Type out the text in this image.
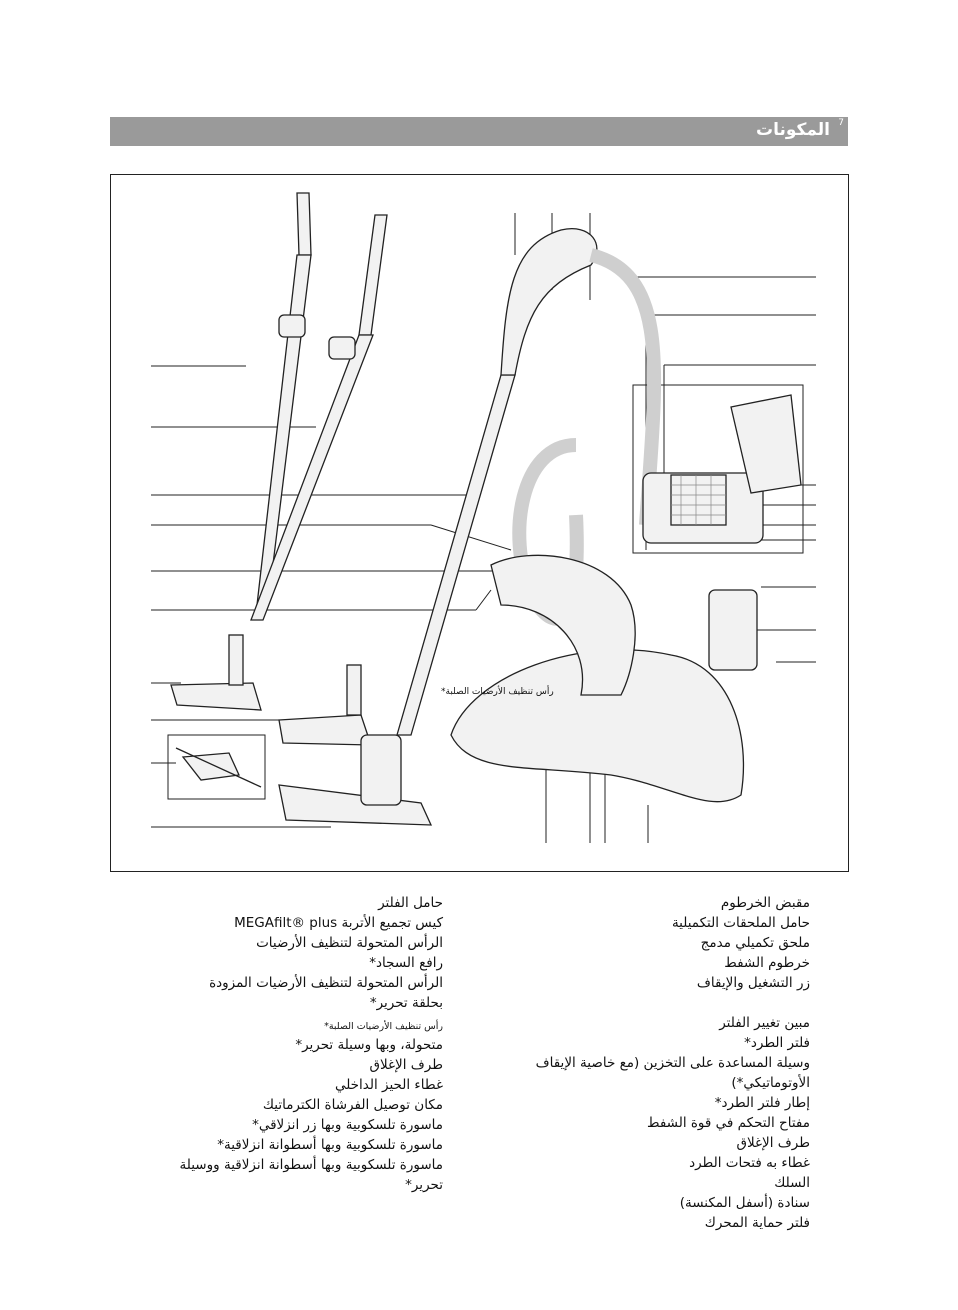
7
المكونات
رأس تنظيف الأرضيات الصلبة*
حامل الفلتر
كيس تجميع الأتربة MEGAfilt® plus
الرأس المتحولة لتنظيف الأرضيات
رافع السجاد*
الرأس المتحولة لتنظيف الأرضيات المزودة
بحلقة تحرير*
رأس تنظيف الأرضيات الصلبة*
متحولة، وبها وسيلة تحرير*
طرف الإغلاق
غطاء الحيز الداخلي
مكان توصيل الفرشاة الكترماتيك
ماسورة تلسكوبية وبها زر انزلاقي*
ماسورة تلسكوبية وبها أسطوانة انزلاقية*
ماسورة تلسكوبية وبها أسطوانة انزلاقية ووسيلة
تحرير*
مقبض الخرطوم
حامل الملحقات التكميلية
ملحق تكميلي مدمج
خرطوم الشفط
زر التشغيل والإيقاف
مبين تغيير الفلتر
فلتر الطرد*
وسيلة المساعدة على التخزين (مع خاصية الإيقاف
الأوتوماتيكي*)
إطار فلتر الطرد*
مفتاح التحكم في قوة الشفط
طرف الإغلاق
غطاء به فتحات الطرد
السلك
سنادة (أسفل المكنسة)
فلتر حماية المحرك
